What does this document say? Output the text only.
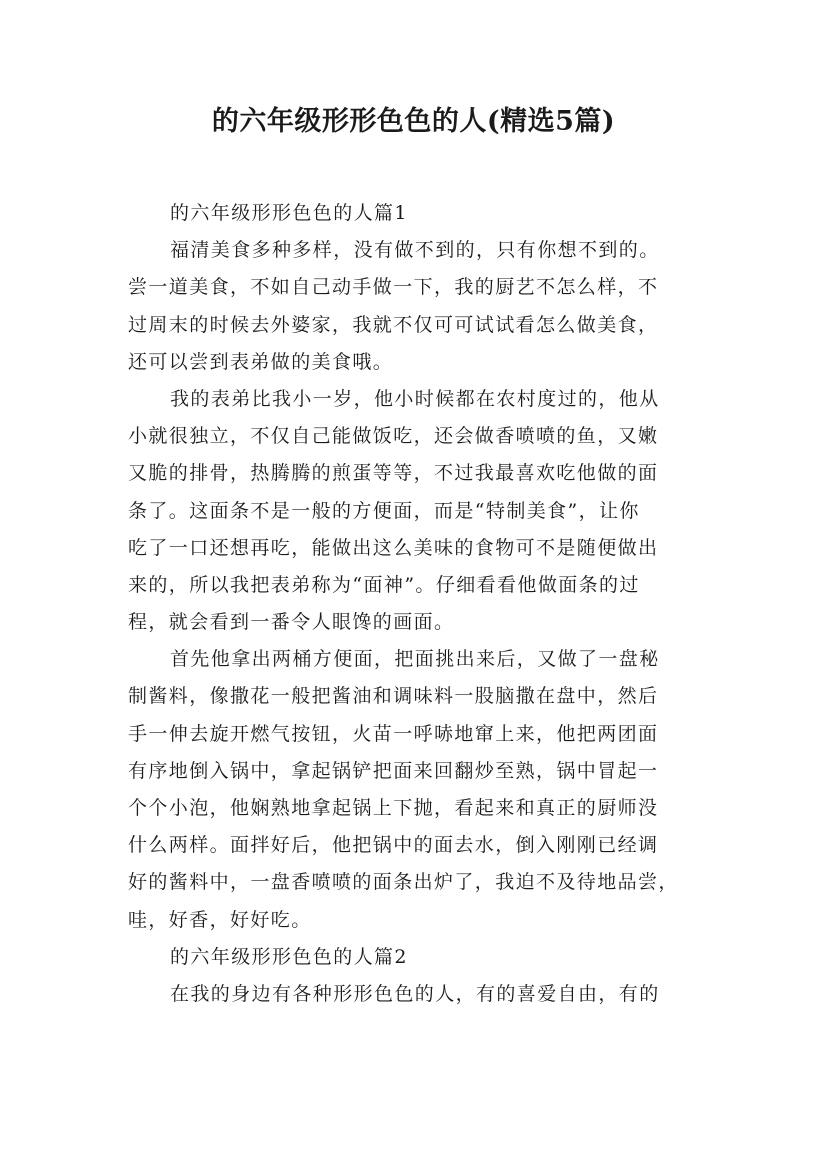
的六年级形形色色的人(精选5篇)
的六年级形形色色的人篇1
福清美食多种多样，没有做不到的，只有你想不到的。
尝一道美食，不如自己动手做一下，我的厨艺不怎么样，不
过周末的时候去外婆家，我就不仅可可试试看怎么做美食，
还可以尝到表弟做的美食哦。
我的表弟比我小一岁，他小时候都在农村度过的，他从
小就很独立，不仅自己能做饭吃，还会做香喷喷的鱼，又嫩
又脆的排骨，热腾腾的煎蛋等等，不过我最喜欢吃他做的面
条了。这面条不是一般的方便面，而是“特制美食”，让你
吃了一口还想再吃，能做出这么美味的食物可不是随便做出
来的，所以我把表弟称为“面神”。仔细看看他做面条的过
程，就会看到一番令人眼馋的画面。
首先他拿出两桶方便面，把面挑出来后，又做了一盘秘
制酱料，像撒花一般把酱油和调味料一股脑撒在盘中，然后
手一伸去旋开燃气按钮，火苗一呼哧地窜上来，他把两团面
有序地倒入锅中，拿起锅铲把面来回翻炒至熟，锅中冒起一
个个小泡，他娴熟地拿起锅上下抛，看起来和真正的厨师没
什么两样。面拌好后，他把锅中的面去水，倒入刚刚已经调
好的酱料中，一盘香喷喷的面条出炉了，我迫不及待地品尝，
哇，好香，好好吃。
的六年级形形色色的人篇2
在我的身边有各种形形色色的人，有的喜爱自由，有的
